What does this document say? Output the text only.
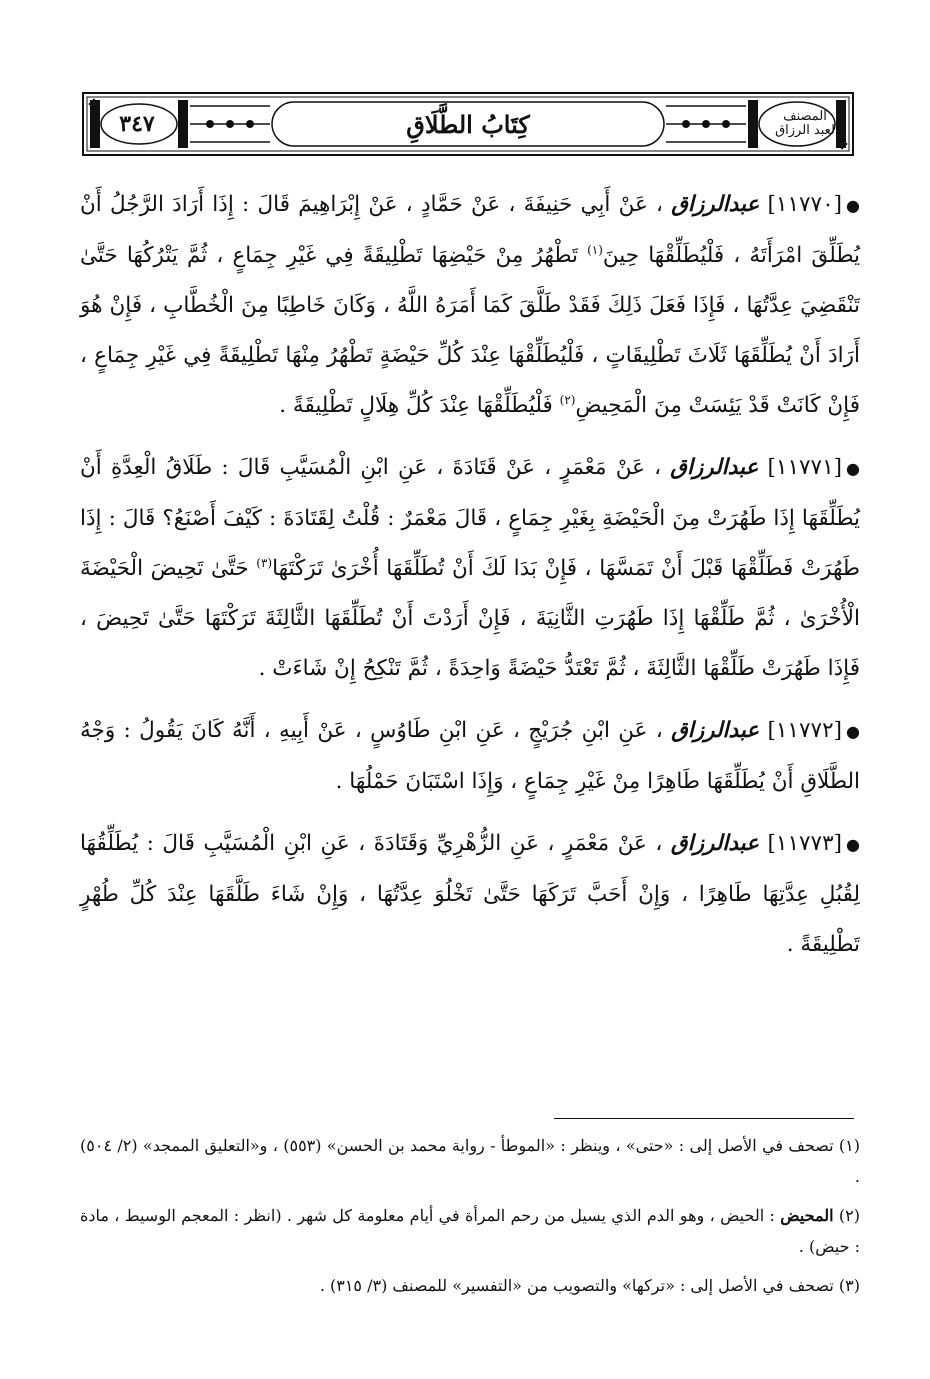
المصنف
لعبد الرزاق
كِتَابُ الطَّلَاقِ
٣٤٧

●[١١٧٧٠] عبدالرزاق ، عَنْ أَبِي حَنِيفَةَ ، عَنْ حَمَّادٍ ، عَنْ إِبْرَاهِيمَ قَالَ : إِذَا أَرَادَ الرَّجُلُ أَنْ يُطَلِّقَ امْرَأَتَهُ ، فَلْيُطَلِّقْهَا حِينَ$^{(١)}$ تَطْهُرُ مِنْ حَيْضِهَا تَطْلِيقَةً فِي غَيْرِ جِمَاعٍ ، ثُمَّ يَتْرُكُهَا حَتَّىٰ تَنْقَضِيَ عِدَّتُهَا ، فَإِذَا فَعَلَ ذَلِكَ فَقَدْ طَلَّقَ كَمَا أَمَرَهُ اللَّهُ ، وَكَانَ خَاطِبًا مِنَ الْخُطَّابِ ، فَإِنْ هُوَ أَرَادَ أَنْ يُطَلِّقَهَا ثَلَاثَ تَطْلِيقَاتٍ ، فَلْيُطَلِّقْهَا عِنْدَ كُلِّ حَيْضَةٍ تَطْهُرُ مِنْهَا تَطْلِيقَةً فِي غَيْرِ جِمَاعٍ ، فَإِنْ كَانَتْ قَدْ يَئِسَتْ مِنَ الْمَحِيضِ$^{(٢)}$ فَلْيُطَلِّقْهَا عِنْدَ كُلِّ هِلَالٍ تَطْلِيقَةً .

●[١١٧٧١] عبدالرزاق ، عَنْ مَعْمَرٍ ، عَنْ قَتَادَةَ ، عَنِ ابْنِ الْمُسَيَّبِ قَالَ : طَلَاقُ الْعِدَّةِ أَنْ يُطَلِّقَهَا إِذَا طَهُرَتْ مِنَ الْحَيْضَةِ بِغَيْرِ جِمَاعٍ ، قَالَ مَعْمَرٌ : قُلْتُ لِقَتَادَةَ : كَيْفَ أَصْنَعُ؟ قَالَ : إِذَا طَهُرَتْ فَطَلِّقْهَا قَبْلَ أَنْ تَمَسَّهَا ، فَإِنْ بَدَا لَكَ أَنْ تُطَلِّقَهَا أُخْرَىٰ تَرَكْتَهَا$^{(٣)}$ حَتَّىٰ تَحِيضَ الْحَيْضَةَ الْأُخْرَىٰ ، ثُمَّ طَلِّقْهَا إِذَا طَهُرَتِ الثَّانِيَةَ ، فَإِنْ أَرَدْتَ أَنْ تُطَلِّقَهَا الثَّالِثَةَ تَرَكْتَهَا حَتَّىٰ تَحِيضَ ، فَإِذَا طَهُرَتْ طَلِّقْهَا الثَّالِثَةَ ، ثُمَّ تَعْتَدُّ حَيْضَةً وَاحِدَةً ، ثُمَّ تَنْكِحُ إِنْ شَاءَتْ .

●[١١٧٧٢] عبدالرزاق ، عَنِ ابْنِ جُرَيْجٍ ، عَنِ ابْنِ طَاوُسٍ ، عَنْ أَبِيهِ ، أَنَّهُ كَانَ يَقُولُ : وَجْهُ الطَّلَاقِ أَنْ يُطَلِّقَهَا طَاهِرًا مِنْ غَيْرِ جِمَاعٍ ، وَإِذَا اسْتَبَانَ حَمْلُهَا .

●[١١٧٧٣] عبدالرزاق ، عَنْ مَعْمَرٍ ، عَنِ الزُّهْرِيِّ وَقَتَادَةَ ، عَنِ ابْنِ الْمُسَيَّبِ قَالَ : يُطَلِّقُهَا لِقُبُلِ عِدَّتِهَا طَاهِرًا ، وَإِنْ أَحَبَّ تَرَكَهَا حَتَّىٰ تَخْلُوَ عِدَّتُهَا ، وَإِنْ شَاءَ طَلَّقَهَا عِنْدَ كُلِّ طُهْرٍ تَطْلِيقَةً .

(١) تصحف في الأصل إلى : «حتى» ، وينظر : «الموطأ - رواية محمد بن الحسن» (٥٥٣) ، و«التعليق الممجد» (٢/ ٥٠٤) .

(٢) المحيض : الحيض ، وهو الدم الذي يسيل من رحم المرأة في أيام معلومة كل شهر . (انظر : المعجم الوسيط ، مادة : حيض) .

(٣) تصحف في الأصل إلى : «تركها» والتصويب من «التفسير» للمصنف (٣/ ٣١٥) .
